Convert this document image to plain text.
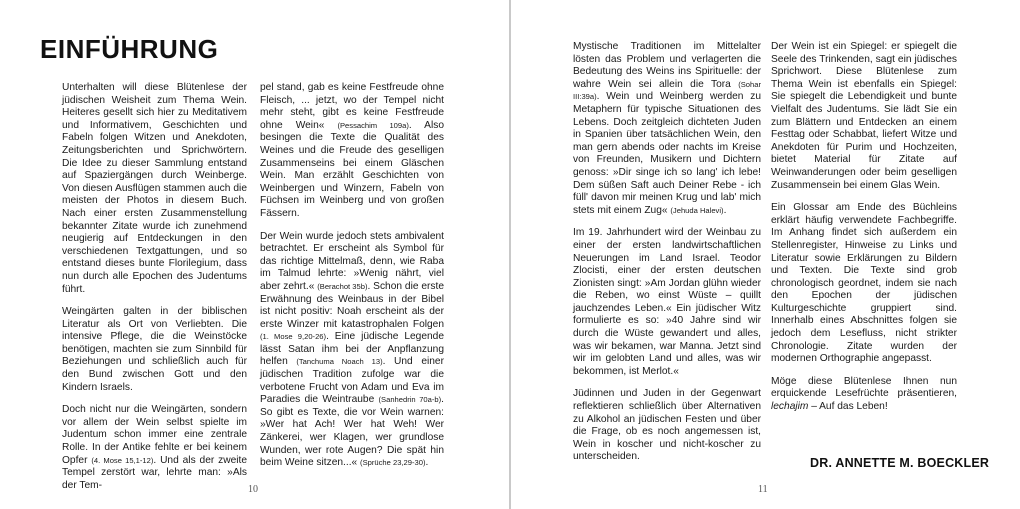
EINFÜHRUNG

Unterhalten will diese Blütenlese der jüdischen Weisheit zum Thema Wein. Heiteres gesellt sich hier zu Meditativem und Informativem, Geschichten und Fabeln folgen Witzen und Anekdoten, Zeitungsberichten und Sprichwörtern. Die Idee zu dieser Sammlung entstand auf Spaziergängen durch Weinberge. Von diesen Ausflügen stammen auch die meisten der Photos in diesem Buch. Nach einer ersten Zusammenstellung bekannter Zitate wurde ich zunehmend neugierig auf Entdeckungen in den verschiedenen Textgattungen, und so entstand dieses bunte Florilegium, dass nun durch alle Epochen des Judentums führt.

Weingärten galten in der biblischen Literatur als Ort von Verliebten. Die intensive Pflege, die die Weinstöcke benötigen, machten sie zum Sinnbild für Beziehungen und schließlich auch für den Bund zwischen Gott und den Kindern Israels.

Doch nicht nur die Weingärten, sondern vor allem der Wein selbst spielte im Judentum schon immer eine zentrale Rolle. In der Antike fehlte er bei keinem Opfer (4. Mose 15,1-12). Und als der zweite Tempel zerstört war, lehrte man: »Als der Tem-

pel stand, gab es keine Festfreude ohne Fleisch, ... jetzt, wo der Tempel nicht mehr steht, gibt es keine Festfreude ohne Wein« (Pessachim 109a). Also besingen die Texte die Qualität des Weines und die Freude des geselligen Zusammenseins bei einem Gläschen Wein. Man erzählt Geschichten von Weinbergen und Winzern, Fabeln von Füchsen im Weinberg und von großen Fässern.

Der Wein wurde jedoch stets ambivalent betrachtet. Er erscheint als Symbol für das richtige Mittelmaß, denn, wie Raba im Talmud lehrte: »Wenig nährt, viel aber zehrt.« (Berachot 35b). Schon die erste Erwähnung des Weinbaus in der Bibel ist nicht positiv: Noah erscheint als der erste Winzer mit katastrophalen Folgen (1. Mose 9,20-26). Eine jüdische Legende lässt Satan ihm bei der Anpflanzung helfen (Tanchuma Noach 13). Und einer jüdischen Tradition zufolge war die verbotene Frucht von Adam und Eva im Paradies die Weintraube (Sanhedrin 70a-b). So gibt es Texte, die vor Wein warnen: »Wer hat Ach! Wer hat Weh! Wer Zänkerei, wer Klagen, wer grundlose Wunden, wer rote Augen? Die spät hin beim Weine sitzen...« (Sprüche 23,29-30).

10

Mystische Traditionen im Mittelalter lösten das Problem und verlagerten die Bedeutung des Weins ins Spirituelle: der wahre Wein sei allein die Tora (Sohar III:39a). Wein und Weinberg werden zu Metaphern für typische Situationen des Lebens. Doch zeitgleich dichteten Juden in Spanien über tatsächlichen Wein, den man gern abends oder nachts im Kreise von Freunden, Musikern und Dichtern genoss: »Dir singe ich so lang' ich lebe! Dem süßen Saft auch Deiner Rebe - ich füll' davon mir meinen Krug und lab' mich stets mit einem Zug« (Jehuda Halevi).

Im 19. Jahrhundert wird der Weinbau zu einer der ersten landwirtschaftlichen Neuerungen im Land Israel. Teodor Zlocisti, einer der ersten deutschen Zionisten singt: »Am Jordan glühn wieder die Reben, wo einst Wüste – quillt jauchzendes Leben.« Ein jüdischer Witz formulierte es so: »40 Jahre sind wir durch die Wüste gewandert und alles, was wir bekamen, war Manna. Jetzt sind wir im gelobten Land und alles, was wir bekommen, ist Merlot.«

Jüdinnen und Juden in der Gegenwart reflektieren schließlich über Alternativen zu Alkohol an jüdischen Festen und über die Frage, ob es noch angemessen ist, Wein in koscher und nicht-koscher zu unterscheiden.

Der Wein ist ein Spiegel: er spiegelt die Seele des Trinkenden, sagt ein jüdisches Sprichwort. Diese Blütenlese zum Thema Wein ist ebenfalls ein Spiegel: Sie spiegelt die Lebendigkeit und bunte Vielfalt des Judentums. Sie lädt Sie ein zum Blättern und Entdecken an einem Festtag oder Schabbat, liefert Witze und Anekdoten für Purim und Hochzeiten, bietet Material für Zitate auf Weinwanderungen oder beim geselligen Zusammensein bei einem Glas Wein.

Ein Glossar am Ende des Büchleins erklärt häufig verwendete Fachbegriffe. Im Anhang findet sich außerdem ein Stellenregister, Hinweise zu Links und Literatur sowie Erklärungen zu Bildern und Texten. Die Texte sind grob chronologisch geordnet, indem sie nach den Epochen der jüdischen Kulturgeschichte gruppiert sind. Innerhalb eines Abschnittes folgen sie jedoch dem Lesefluss, nicht strikter Chronologie. Zitate wurden der modernen Orthographie angepasst.

Möge diese Blütenlese Ihnen nun erquickende Lesefrüchte präsentieren, lechajim – Auf das Leben!

DR. ANNETTE M. BOECKLER
11
